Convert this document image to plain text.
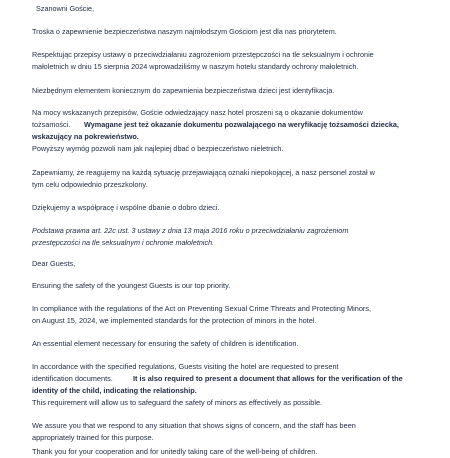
Szanowni Goście,
Troska o zapewnienie bezpieczeństwa naszym najmłodszym Gościom jest dla nas priorytetem.
Respektując przepisy ustawy o przeciwdziałaniu zagrożeniom przestępczości na tle seksualnym i ochronie
małoletnich w dniu 15 sierpnia 2024 wprowadziliśmy w naszym hotelu standardy ochrony małoletnich.
Niezbędnym elementem koniecznym do zapewnienia bezpieczeństwa dzieci jest identyfikacja.
Na mocy wskazanych przepisów, Goście odwiedzający nasz hotel proszeni są o okazanie dokumentów
tożsamości. Wymagane jest też okazanie dokumentu pozwalającego na weryfikację tożsamości dziecka,
wskazujący na pokrewieństwo.
Powyższy wymóg pozwoli nam jak najlepiej dbać o bezpieczeństwo nieletnich.
Zapewniamy, że reagujemy na każdą sytuację przejawiającą oznaki niepokojącej, a nasz personel został w
tym celu odpowiednio przeszkolony.
Dziękujemy a współpracę i wspólne dbanie o dobro dzieci.
Podstawa prawna art. 22c ust. 3 ustawy z dnia 13 maja 2016 roku o przeciwdziałaniu zagrożeniom
przestępczości na tle seksualnym i ochronie małoletnich.
Dear Guests,
Ensuring the safety of the youngest Guests is our top priority.
In compliance with the regulations of the Act on Preventing Sexual Crime Threats and Protecting Minors,
on August 15, 2024, we implemented standards for the protection of minors in the hotel.
An essential element necessary for ensuring the safety of children is identification.
In accordance with the specified regulations, Guests visiting the hotel are requested to present
identification documents.	It is also required to present a document that allows for the verification of the
identity of the child, indicating the relationship.
This requirement will allow us to safeguard the safety of minors as effectively as possible.
We assure you that we respond to any situation that shows signs of concern, and the staff has been
appropriately trained for this purpose.
Thank you for your cooperation and for unitedly taking care of the well-being of children.
